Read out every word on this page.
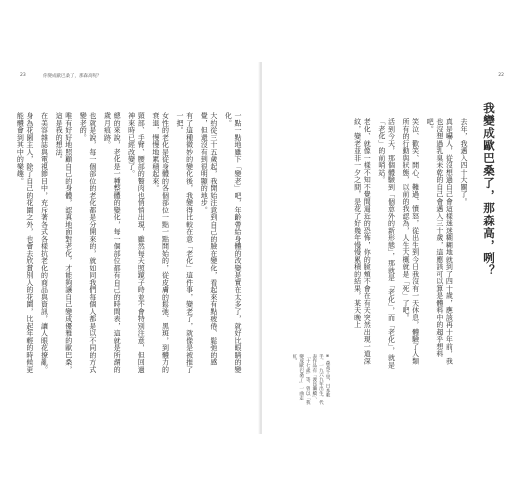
23	你變成歐巴桑了，那森高呢？

一點一點地雖下「變老」吧，年齡帶給身體的改變是實在太多了，就好比眼睛的變化。

大約從三十五歲起，我開始注意到自己的臉在變化，看起來有點疲倦、鬆弛的感覺，但還沒有到很明顯的地步。

有了這種微妙的變化後，我變得比較在意「老化」這件事，變老了，就像是被推了一把。

女性的老化是從身體的各個部位一點一點開始的，從皮膚的鬆弛、黑斑，到體力的衰退，慢慢地累積起來。

頸部、手臂、腰部的贅肉也悄悄出現，雖然每天照鏡子時並不會特別注意，但回過神來時已經改變了。

總的來說，老化是一種整體的變化，每一個部位都有自己的時間表，這就是所謂的歲月痕跡。

也就是說，每一個部位的老化都是分開來的，就如同我們每個人都是以不同的方式變老的。

唯有好好地照顧自己的身體，認真地面對老化，才能夠讓自己變成優雅的歐巴桑，這是我的想法。

在美容雜誌與電視節目中，充斥著各式各樣抗老化的商品與資訊，讓人眼花撩亂。

身為花園主人，除了自己的花園之外，也會去欣賞別人的花園，比起年輕的時候更能體會到其中的樂趣。

22
我變成歐巴桑了，那森高，咧？

去年，我邁入四十大關了。

真是嚇人，從沒想過自己會這樣迷迷糊糊地就到了四十歲，應該再十年前，我也沒想過乳臭未乾的自己會邁入三十歲，這應該可以算是體料中的超乎想料吧。

笑泣、歡笑、開心、難過、憤怒，從出生到今日我沒有一天休息，體驗了人類所有的行動與狀態，以前的我認為，人生大概就是「死」了吧。

活到今天，那個體驗到「個意外的新形態」，那就是「老化」，而「老化」，就是「老化」的前哨站。

老化、就像一樣不知不覺間逼近的恐怖，你的臉頰不會在有天突然出現一道深紋，變老並非一夕之間，是花了好幾年慢慢累積的結果，某天晚上

※ 森高千里，日本歌手，一九六九年出生，代表作品有「渡良瀨橋」、「十七歲」等，曾以「我變成歐巴桑了」一曲走紅。
